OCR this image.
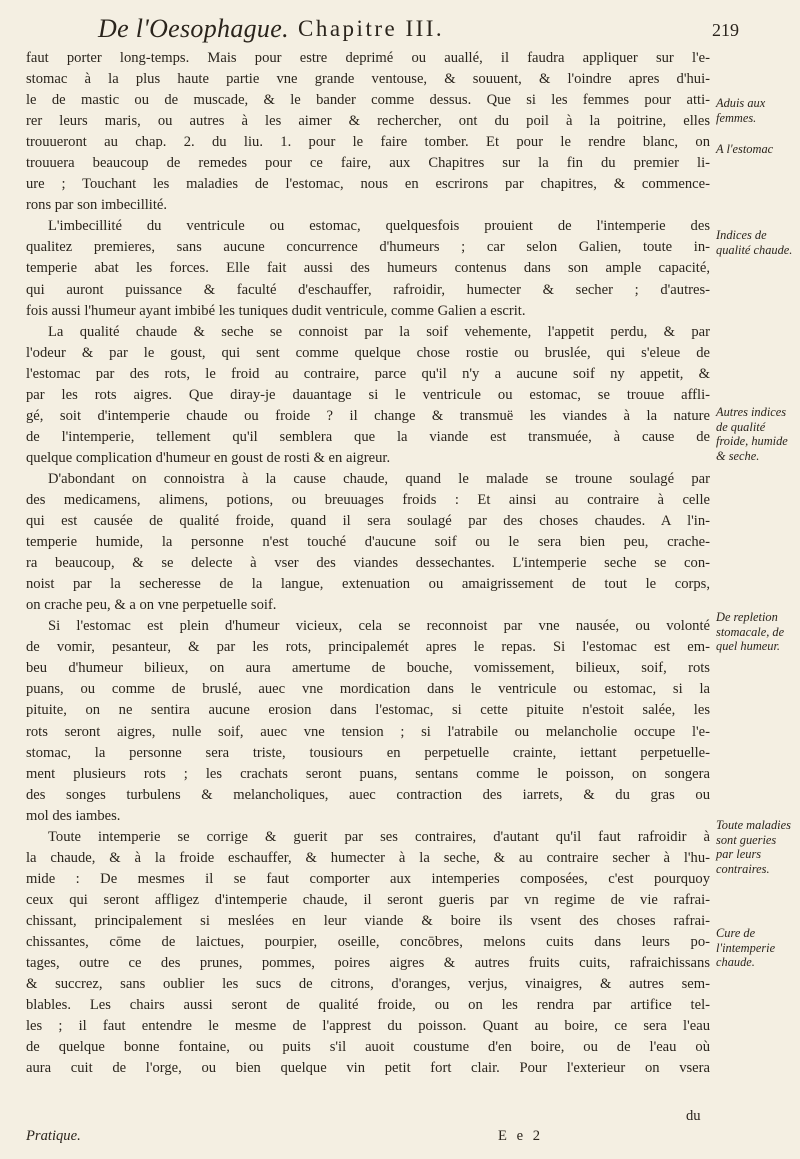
De l'Oesophague. Chapitre III.	219
faut porter long-temps. Mais pour estre deprimé ou auallé, il faudra appliquer sur l'e-
stomac à la plus haute partie vne grande ventouse, & souuent, & l'oindre apres d'hui-
le de mastic ou de muscade, & le bander comme dessus. Que si les femmes pour atti-
rer leurs maris, ou autres à les aimer & rechercher, ont du poil à la poitrine, elles
trouueront au chap. 2. du liu. 1. pour le faire tomber. Et pour le rendre blanc, on
trouuera beaucoup de remedes pour ce faire, aux Chapitres sur la fin du premier li-
ure ; Touchant les maladies de l'estomac, nous en escrirons par chapitres, & commence-
rons par son imbecillité.
L'imbecillité du ventricule ou estomac, quelquesfois prouient de l'intemperie des
qualitez premieres, sans aucune concurrence d'humeurs ; car selon Galien, toute in-
temperie abat les forces. Elle fait aussi des humeurs contenus dans son ample capacité,
qui auront puissance & faculté d'eschauffer, rafroidir, humecter & secher ; d'autres-
fois aussi l'humeur ayant imbibé les tuniques dudit ventricule, comme Galien a escrit.
La qualité chaude & seche se connoist par la soif vehemente, l'appetit perdu, & par
l'odeur & par le goust, qui sent comme quelque chose rostie ou bruslée, qui s'eleue de
l'estomac par des rots, le froid au contraire, parce qu'il n'y a aucune soif ny appetit, &
par les rots aigres. Que diray-je dauantage si le ventricule ou estomac, se trouue affli-
gé, soit d'intemperie chaude ou froide ? il change & transmuë les viandes à la nature
de l'intemperie, tellement qu'il semblera que la viande est transmuée, à cause de
quelque complication d'humeur en goust de rosti & en aigreur.
D'abondant on connoistra à la cause chaude, quand le malade se troune soulagé par
des medicamens, alimens, potions, ou breuuages froids : Et ainsi au contraire à celle
qui est causée de qualité froide, quand il sera soulagé par des choses chaudes. A l'in-
temperie humide, la personne n'est touché d'aucune soif ou le sera bien peu, crache-
ra beaucoup, & se delecte à vser des viandes dessechantes. L'intemperie seche se con-
noist par la secheresse de la langue, extenuation ou amaigrissement de tout le corps,
on crache peu, & a on vne perpetuelle soif.
Si l'estomac est plein d'humeur vicieux, cela se reconnoist par vne nausée, ou volonté
de vomir, pesanteur, & par les rots, principalemét apres le repas. Si l'estomac est em-
beu d'humeur bilieux, on aura amertume de bouche, vomissement, bilieux, soif, rots
puans, ou comme de bruslé, auec vne mordication dans le ventricule ou estomac, si la
pituite, on ne sentira aucune erosion dans l'estomac, si cette pituite n'estoit salée, les
rots seront aigres, nulle soif, auec vne tension ; si l'atrabile ou melancholie occupe l'e-
stomac, la personne sera triste, tousiours en perpetuelle crainte, iettant perpetuelle-
ment plusieurs rots ; les crachats seront puans, sentans comme le poisson, on songera
des songes turbulens & melancholiques, auec contraction des iarrets, & du gras ou
mol des iambes.
Toute intemperie se corrige & guerit par ses contraires, d'autant qu'il faut rafroidir à
la chaude, & à la froide eschauffer, & humecter à la seche, & au contraire secher à l'hu-
mide : De mesmes il se faut comporter aux intemperies composées, c'est pourquoy
ceux qui seront affligez d'intemperie chaude, il seront gueris par vn regime de vie rafrai-
chissant, principalement si meslées en leur viande & boire ils vsent des choses rafrai-
chissantes, cōme de laictues, pourpier, oseille, concōbres, melons cuits dans leurs po-
tages, outre ce des prunes, pommes, poires aigres & autres fruits cuits, rafraichissans
& succrez, sans oublier les sucs de citrons, d'oranges, verjus, vinaigres, & autres sem-
blables. Les chairs aussi seront de qualité froide, ou on les rendra par artifice tel-
les ; il faut entendre le mesme de l'apprest du poisson. Quant au boire, ce sera l'eau
de quelque bonne fontaine, ou puits s'il auoit coustume d'en boire, ou de l'eau où
aura cuit de l'orge, ou bien quelque vin petit fort clair. Pour l'exterieur on vsera
Aduis aux femmes.
A l'estomac
Indices de qualité chaude.
Autres indices de qualité froide, humide & seche.
De repletion stomacale, de quel humeur.
Toute maladies sont gueries par leurs contraires.
Cure de l'intemperie chaude.
Pratique.	E e 2
du
